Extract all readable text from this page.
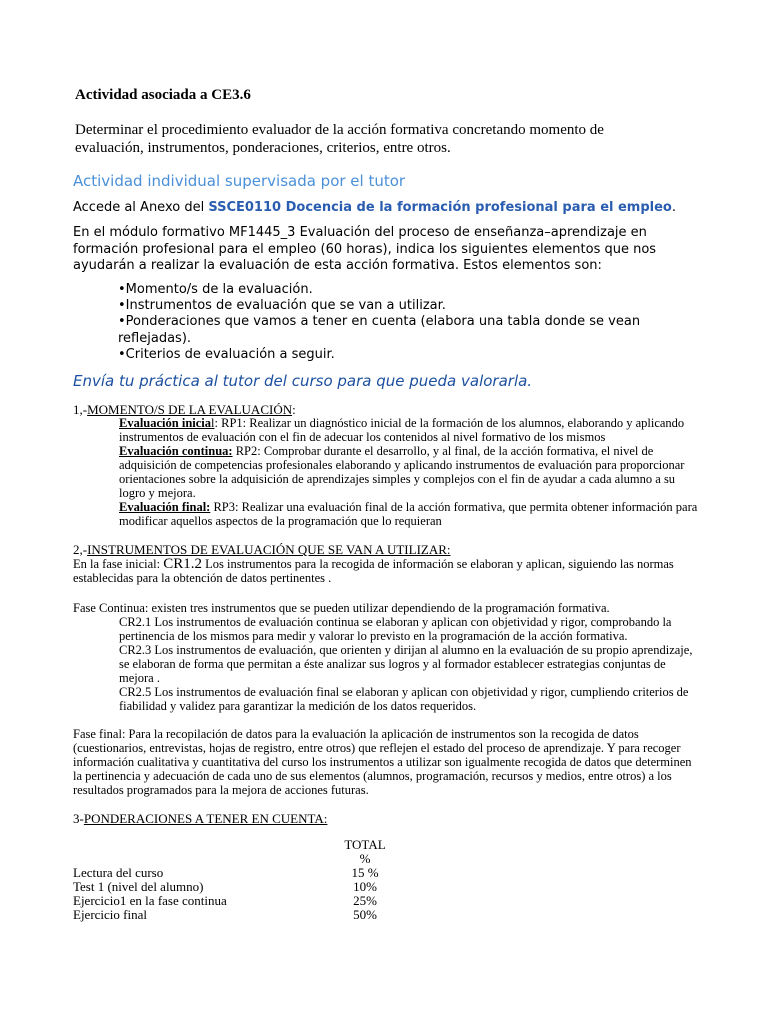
Actividad asociada a CE3.6
Determinar el procedimiento evaluador de la acción formativa concretando momento de evaluación, instrumentos, ponderaciones, criterios, entre otros.
Actividad individual supervisada por el tutor
Accede al Anexo del SSCE0110 Docencia de la formación profesional para el empleo.
En el módulo formativo MF1445_3 Evaluación del proceso de enseñanza–aprendizaje en formación profesional para el empleo (60 horas), indica los siguientes elementos que nos ayudarán a realizar la evaluación de esta acción formativa. Estos elementos son:
•Momento/s de la evaluación.
•Instrumentos de evaluación que se van a utilizar.
•Ponderaciones que vamos a tener en cuenta (elabora una tabla donde se vean reflejadas).
•Criterios de evaluación a seguir.
Envía tu práctica al tutor del curso para que pueda valorarla.
1,-MOMENTO/S DE LA EVALUACIÓN:
Evaluación inicial: RP1: Realizar un diagnóstico inicial de la formación de los alumnos, elaborando y aplicando instrumentos de evaluación con el fin de adecuar los contenidos al nivel formativo de los mismos
Evaluación continua: RP2: Comprobar durante el desarrollo, y al final, de la acción formativa, el nivel de adquisición de competencias profesionales elaborando y aplicando instrumentos de evaluación para proporcionar orientaciones sobre la adquisición de aprendizajes simples y complejos con el fin de ayudar a cada alumno a su logro y mejora.
Evaluación final: RP3: Realizar una evaluación final de la acción formativa, que permita obtener información para modificar aquellos aspectos de la programación que lo requieran
2,-INSTRUMENTOS DE EVALUACIÓN QUE SE VAN A UTILIZAR:
En la fase inicial: CR1.2 Los instrumentos para la recogida de información se elaboran y aplican, siguiendo las normas establecidas para la obtención de datos pertinentes .
Fase Continua: existen tres instrumentos que se pueden utilizar dependiendo de la programación formativa.
CR2.1 Los instrumentos de evaluación continua se elaboran y aplican con objetividad y rigor, comprobando la pertinencia de los mismos para medir y valorar lo previsto en la programación de la acción formativa.
CR2.3 Los instrumentos de evaluación, que orienten y dirijan al alumno en la evaluación de su propio aprendizaje, se elaboran de forma que permitan a éste analizar sus logros y al formador establecer estrategias conjuntas de mejora .
CR2.5 Los instrumentos de evaluación final se elaboran y aplican con objetividad y rigor, cumpliendo criterios de fiabilidad y validez para garantizar la medición de los datos requeridos.
Fase final: Para la recopilación de datos para la evaluación la aplicación de instrumentos son la recogida de datos (cuestionarios, entrevistas, hojas de registro, entre otros) que reflejen el estado del proceso de aprendizaje. Y para recoger información cualitativa y cuantitativa del curso los instrumentos a utilizar son igualmente recogida de datos que determinen la pertinencia y adecuación de cada uno de sus elementos (alumnos, programación, recursos y medios, entre otros) a los resultados programados para la mejora de acciones futuras.
3-PONDERACIONES A TENER EN CUENTA:
	TOTAL %
Lectura del curso	15 %
Test 1 (nivel del alumno)	10%
Ejercicio1 en la fase continua	25%
Ejercicio final	50%
